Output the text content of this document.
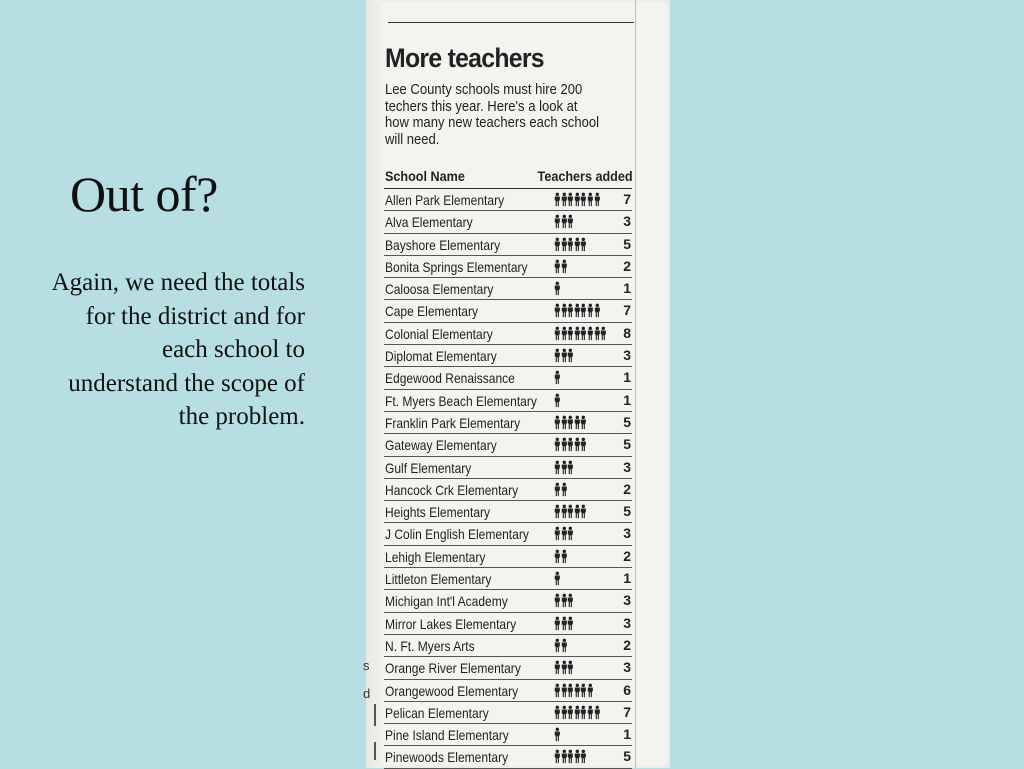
Out of?

Again, we need the totals for the district and for each school to understand the scope of the problem.

s
d
More teachers

Lee County schools must hire 200 techers this year. Here's a look at how many new teachers each school will need.

School Name	Teachers added
Allen Park Elementary	7
Alva Elementary	3
Bayshore Elementary	5
Bonita Springs Elementary	2
Caloosa Elementary	1
Cape Elementary	7
Colonial Elementary	8
Diplomat Elementary	3
Edgewood Renaissance	1
Ft. Myers Beach Elementary	1
Franklin Park Elementary	5
Gateway Elementary	5
Gulf Elementary	3
Hancock Crk Elementary	2
Heights Elementary	5
J Colin English Elementary	3
Lehigh Elementary	2
Littleton Elementary	1
Michigan Int'l Academy	3
Mirror Lakes Elementary	3
N. Ft. Myers Arts	2
Orange River Elementary	3
Orangewood Elementary	6
Pelican Elementary	7
Pine Island Elementary	1
Pinewoods Elementary	5
